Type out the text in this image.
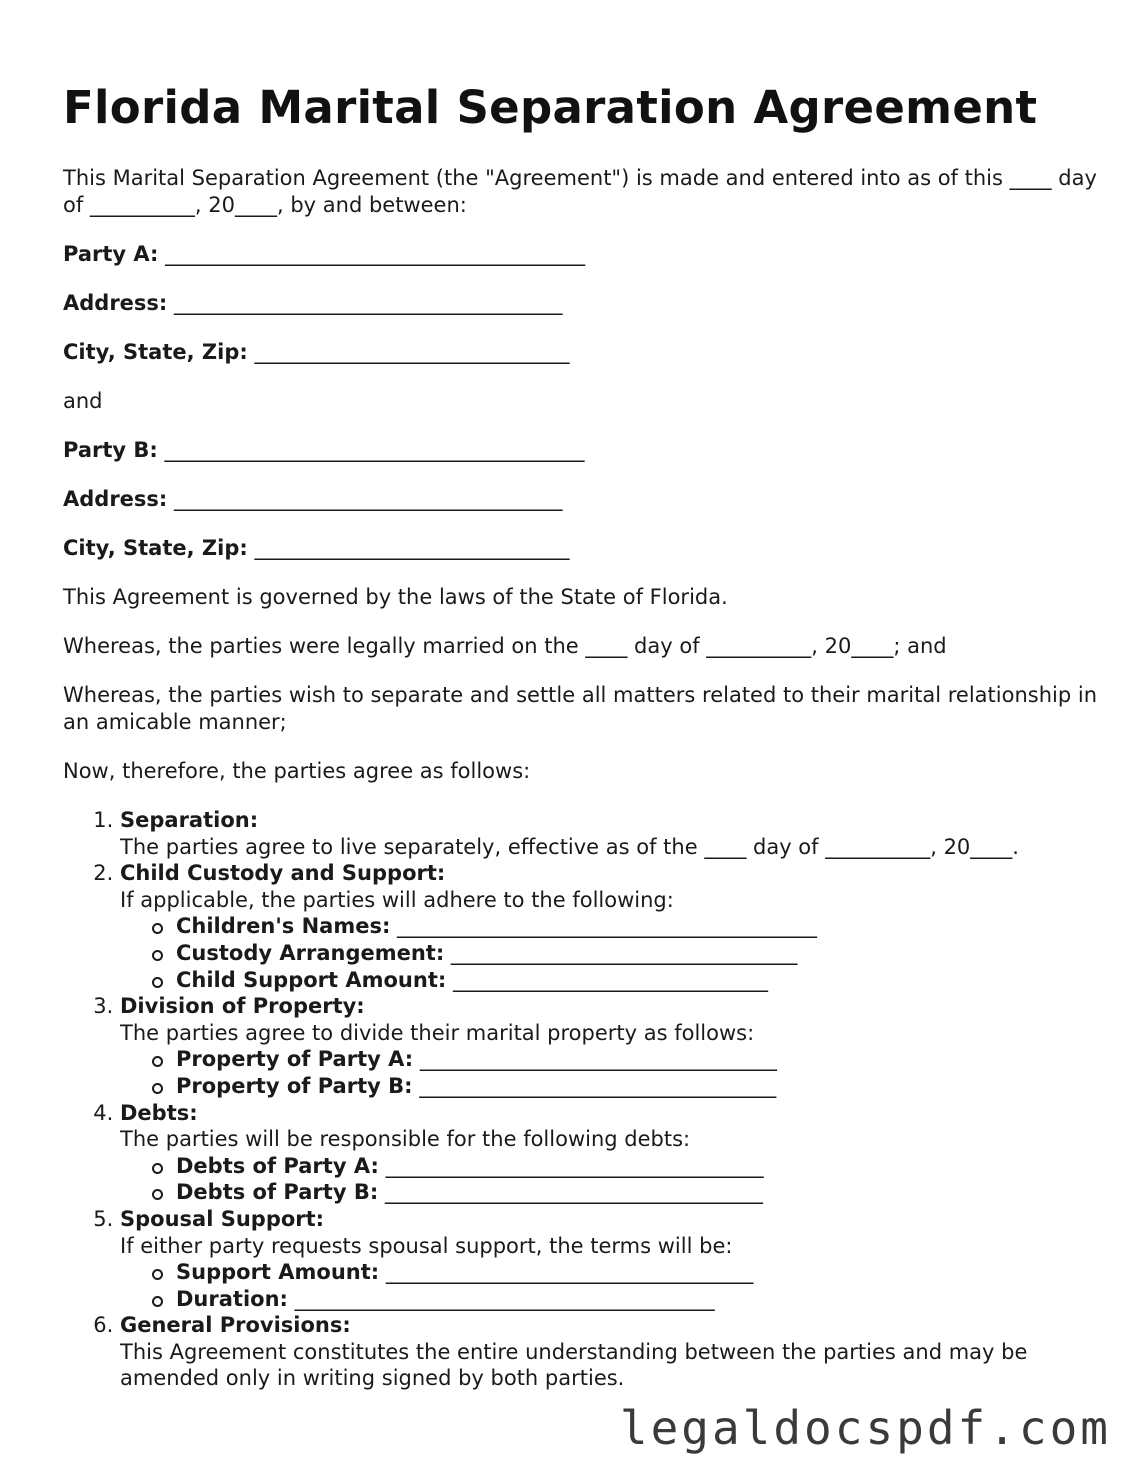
Florida Marital Separation Agreement

This Marital Separation Agreement (the "Agreement") is made and entered into as of this ____ day of __________, 20____, by and between:

Party A: ________________________________________

Address: _____________________________________

City, State, Zip: ______________________________

and

Party B: ________________________________________

Address: _____________________________________

City, State, Zip: ______________________________

This Agreement is governed by the laws of the State of Florida.

Whereas, the parties were legally married on the ____ day of __________, 20____; and

Whereas, the parties wish to separate and settle all matters related to their marital relationship in an amicable manner;

Now, therefore, the parties agree as follows:

1. Separation:
The parties agree to live separately, effective as of the ____ day of __________, 20____.
2. Child Custody and Support:
If applicable, the parties will adhere to the following:
Children's Names: ________________________________________
Custody Arrangement: _________________________________
Child Support Amount: ______________________________
3. Division of Property:
The parties agree to divide their marital property as follows:
Property of Party A: __________________________________
Property of Party B: __________________________________
4. Debts:
The parties will be responsible for the following debts:
Debts of Party A: ____________________________________
Debts of Party B: ____________________________________
5. Spousal Support:
If either party requests spousal support, the terms will be:
Support Amount: ___________________________________
Duration: ________________________________________
6. General Provisions:
This Agreement constitutes the entire understanding between the parties and may be amended only in writing signed by both parties.
legaldocspdf.com
